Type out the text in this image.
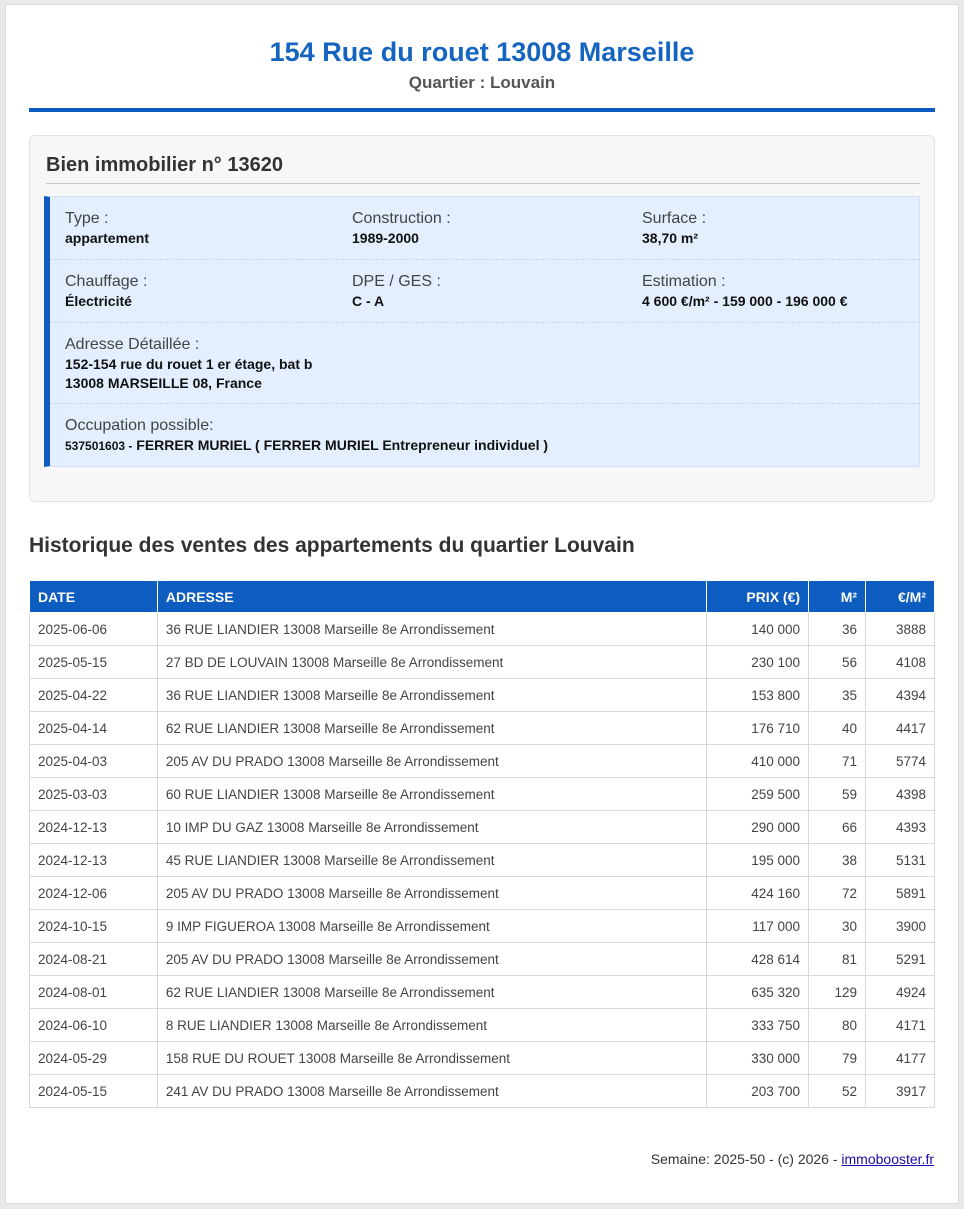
154 Rue du rouet 13008 Marseille
Quartier : Louvain
Bien immobilier n° 13620
Type :
appartement
Construction :
1989-2000
Surface :
38,70 m²
Chauffage :
Électricité
DPE / GES :
C - A
Estimation :
4 600 €/m² - 159 000 - 196 000 €
Adresse Détaillée :
152-154 rue du rouet 1 er étage, bat b
13008 MARSEILLE 08, France
Occupation possible:
537501603 - FERRER MURIEL ( FERRER MURIEL Entrepreneur individuel )
Historique des ventes des appartements du quartier Louvain
DATE	ADRESSE	PRIX (€)	M²	€/M²
2025-06-06	36 RUE LIANDIER 13008 Marseille 8e Arrondissement	140 000	36	3888
2025-05-15	27 BD DE LOUVAIN 13008 Marseille 8e Arrondissement	230 100	56	4108
2025-04-22	36 RUE LIANDIER 13008 Marseille 8e Arrondissement	153 800	35	4394
2025-04-14	62 RUE LIANDIER 13008 Marseille 8e Arrondissement	176 710	40	4417
2025-04-03	205 AV DU PRADO 13008 Marseille 8e Arrondissement	410 000	71	5774
2025-03-03	60 RUE LIANDIER 13008 Marseille 8e Arrondissement	259 500	59	4398
2024-12-13	10 IMP DU GAZ 13008 Marseille 8e Arrondissement	290 000	66	4393
2024-12-13	45 RUE LIANDIER 13008 Marseille 8e Arrondissement	195 000	38	5131
2024-12-06	205 AV DU PRADO 13008 Marseille 8e Arrondissement	424 160	72	5891
2024-10-15	9 IMP FIGUEROA 13008 Marseille 8e Arrondissement	117 000	30	3900
2024-08-21	205 AV DU PRADO 13008 Marseille 8e Arrondissement	428 614	81	5291
2024-08-01	62 RUE LIANDIER 13008 Marseille 8e Arrondissement	635 320	129	4924
2024-06-10	8 RUE LIANDIER 13008 Marseille 8e Arrondissement	333 750	80	4171
2024-05-29	158 RUE DU ROUET 13008 Marseille 8e Arrondissement	330 000	79	4177
2024-05-15	241 AV DU PRADO 13008 Marseille 8e Arrondissement	203 700	52	3917
Semaine: 2025-50 - (c) 2026 - immobooster.fr
